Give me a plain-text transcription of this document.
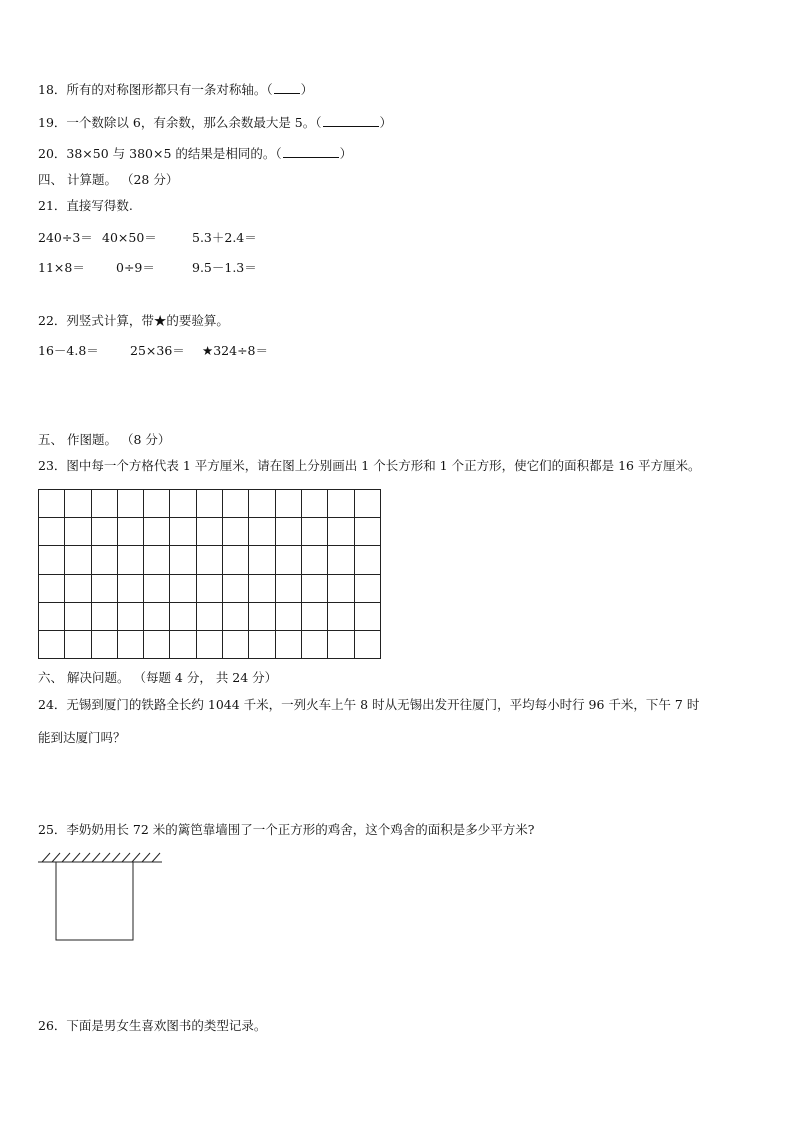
18．所有的对称图形都只有一条对称轴。（ ）
19．一个数除以 6，有余数，那么余数最大是 5。（	）
20．38×50 与 380×5 的结果是相同的。（	）
四、 计算题。 （28 分）
21．直接写得数.
240÷3＝ 40×50＝	5.3＋2.4＝
11×8＝ 0÷9＝	9.5－1.3＝
22．列竖式计算，带★的要验算。
16－4.8＝ 25×36＝ ★324÷8＝
五、 作图题。 （8 分）
23．图中每一个方格代表 1 平方厘米，请在图上分别画出 1 个长方形和 1 个正方形，使它们的面积都是 16 平方厘米。

六、 解决问题。 （每题 4 分， 共 24 分）
24．无锡到厦门的铁路全长约 1044 千米，一列火车上午 8 时从无锡出发开往厦门，平均每小时行 96 千米，下午 7 时
能到达厦门吗？
25．李奶奶用长 72 米的篱笆靠墙围了一个正方形的鸡舍，这个鸡舍的面积是多少平方米?
26．下面是男女生喜欢图书的类型记录。
